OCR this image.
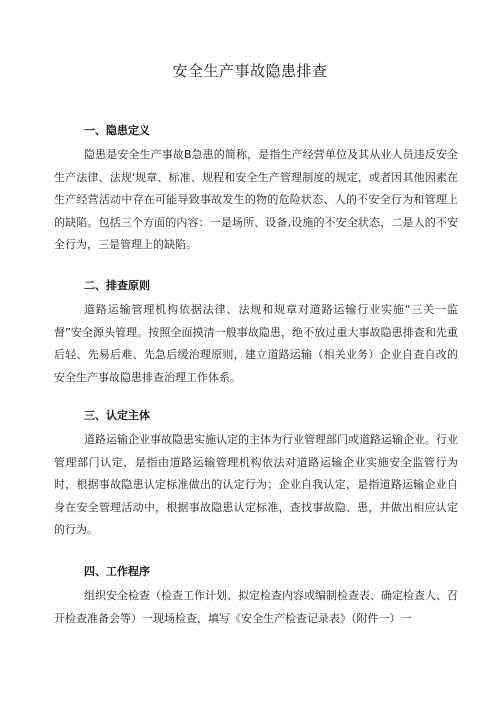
安全生产事故隐患排查
一、隐患定义

隐患是安全生产事故B急患的简称，是指生产经营单位及其从业人员违反安全生产法律、法规'规章、标准、规程和安全生产管理制度的规定，或者因其他因素在生产经营活动中存在可能导致事故发生的物的危险状态、人的不安全行为和管理上的缺陷。包括三个方面的内容：一是场所、设备,设施的不安全状态，二是人的不安全行为，三是管理上的缺陷。

二、排查原则

道路运输管理机构依据法律、法规和规章对道路运输行业实施“三关一监督”安全源头管理。按照全面摸清一般事故隐患，绝不放过重大事故隐患排查和先重后轻、先易后难、先急后缓治理原则，建立道路运输（相关业务）企业自查自改的安全生产事故隐患排查治理工作体系。

三、认定主体

道路运输企业事故隐患实施认定的主体为行业管理部门或道路运输企业。行业管理部门认定，是指由道路运输管理机构依法对道路运输企业实施安全监管行为时，根据事故隐患认定标准做出的认定行为；企业自我认定，是指道路运输企业自身在安全管理活动中，根据事故隐患认定标准，查找事故隐、患，并做出相应认定的行为。

四、工作程序

组织安全检查（检查工作计划、拟定检查内容或编制检查表、确定检查人、召开检查准备会等）一现场检查，填写《安全生产检查记录表》（附件一）一
